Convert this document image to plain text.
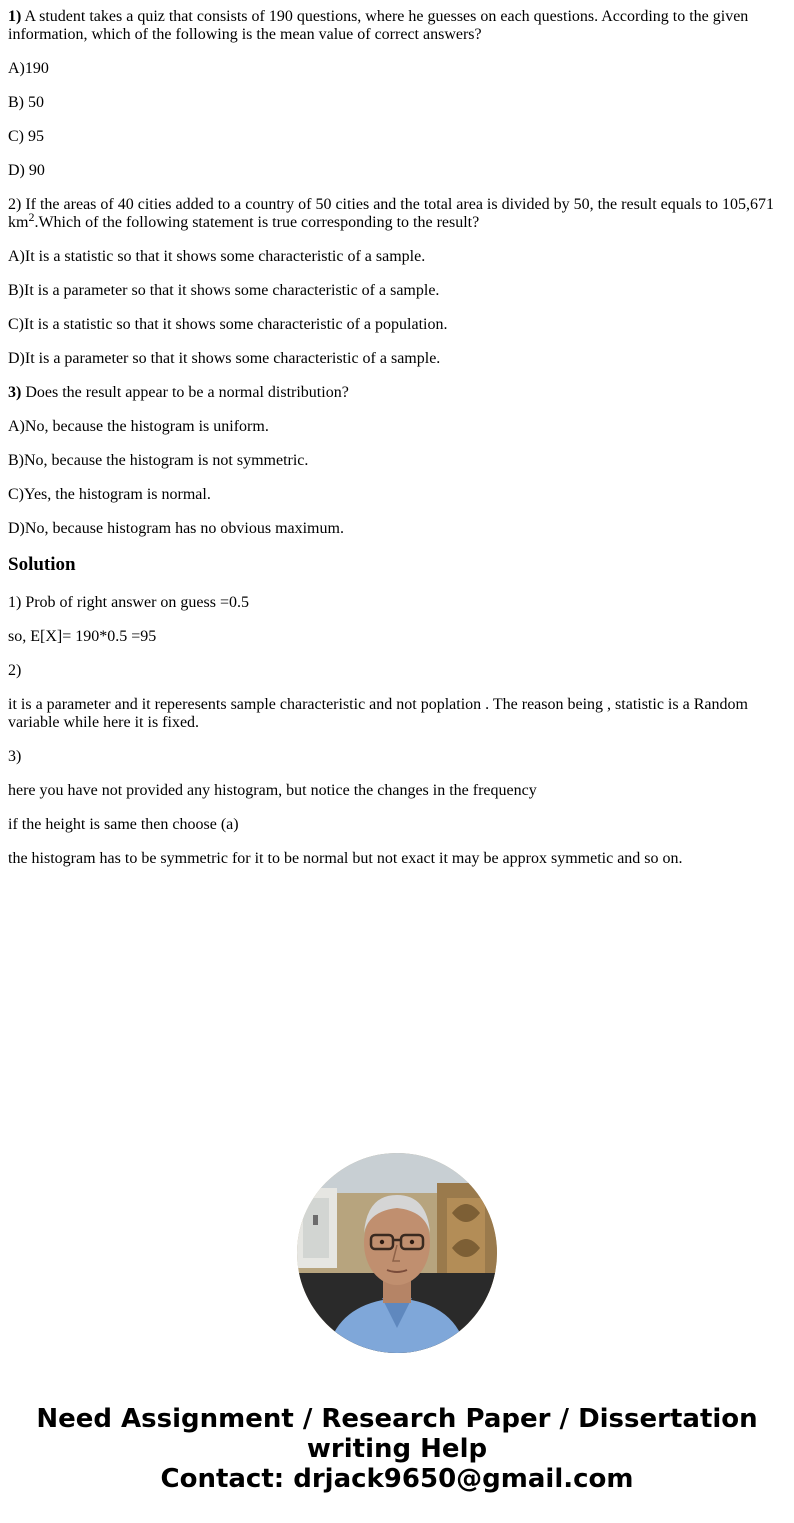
1) A student takes a quiz that consists of 190 questions, where he guesses on each questions. According to the given information, which of the following is the mean value of correct answers?

A)190

B) 50

C) 95

D) 90

2) If the areas of 40 cities added to a country of 50 cities and the total area is divided by 50, the result equals to 105,671 $km^2.Which$ of the following statement is true corresponding to the result?

A)It is a statistic so that it shows some characteristic of a sample.

B)It is a parameter so that it shows some characteristic of a sample.

C)It is a statistic so that it shows some characteristic of a population.

D)It is a parameter so that it shows some characteristic of a sample.

3) Does the result appear to be a normal distribution?

A)No, because the histogram is uniform.

B)No, because the histogram is not symmetric.

C)Yes, the histogram is normal.

D)No, because histogram has no obvious maximum.

Solution

1) Prob of right answer on guess =0.5

so, E[X]= 190*0.5 =95

2)

it is a parameter and it reperesents sample characteristic and not poplation . The reason being , statistic is a Random variable while here it is fixed.

3)

here you have not provided any histogram, but notice the changes in the frequency

if the height is same then choose (a)

the histogram has to be symmetric for it to be normal but not exact it may be approx symmetic and so on.

Need Assignment / Research Paper / Dissertation
writing Help
Contact: drjack9650@gmail.com
